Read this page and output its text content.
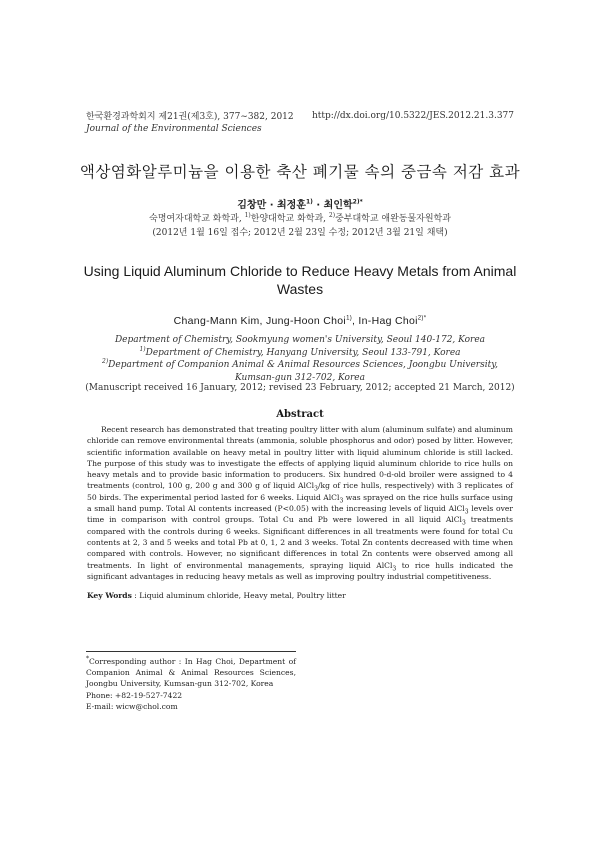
한국환경과학회지 제21권(제3호), 377∼382, 2012
Journal of the Environmental Sciences
http://dx.doi.org/10.5322/JES.2012.21.3.377
액상염화알루미늄을 이용한 축산 폐기물 속의 중금속 저감 효과
김창만 · 최정훈$^{1)}$ · 최인학$^{2)*}$
숙명여자대학교 화학과, $^{1)}$한양대학교 화학과, $^{2)}$중부대학교 애완동물자원학과
(2012년 1월 16일 접수; 2012년 2월 23일 수정; 2012년 3월 21일 채택)
Using Liquid Aluminum Chloride to Reduce Heavy Metals from Animal Wastes
Chang-Mann Kim, Jung-Hoon Choi$^{1)}$, In-Hag Choi$^{2)*}$

Department of Chemistry, Sookmyung women's University, Seoul 140-172, Korea

$^{1)}$Department of Chemistry, Hanyang University, Seoul 133-791, Korea

$^{2)}$Department of Companion Animal & Animal Resources Sciences, Joongbu University,

Kumsan-gun 312-702, Korea

(Manuscript received 16 January, 2012; revised 23 February, 2012; accepted 21 March, 2012)
Abstract
Recent research has demonstrated that treating poultry litter with alum (aluminum sulfate) and aluminum chloride can remove environmental threats (ammonia, soluble phosphorus and odor) posed by litter. However, scientific information available on heavy metal in poultry litter with liquid aluminum chloride is still lacked. The purpose of this study was to investigate the effects of applying liquid aluminum chloride to rice hulls on heavy metals and to provide basic information to producers. Six hundred 0-d-old broiler were assigned to 4 treatments (control, 100 g, 200 g and 300 g of liquid AlCl$_3$/kg of rice hulls, respectively) with 3 replicates of 50 birds. The experimental period lasted for 6 weeks. Liquid AlCl$_3$ was sprayed on the rice hulls surface using a small hand pump. Total Al contents increased (P<0.05) with the increasing levels of liquid AlCl$_3$ levels over time in comparison with control groups. Total Cu and Pb were lowered in all liquid AlCl$_3$ treatments compared with the controls during 6 weeks. Significant differences in all treatments were found for total Cu contents at 2, 3 and 5 weeks and total Pb at 0, 1, 2 and 3 weeks. Total Zn contents decreased with time when compared with controls. However, no significant differences in total Zn contents were observed among all treatments. In light of environmental managements, spraying liquid AlCl$_3$ to rice hulls indicated the significant advantages in reducing heavy metals as well as improving poultry industrial competitiveness.
Key Words : Liquid aluminum chloride, Heavy metal, Poultry litter

*Corresponding author : In Hag Choi, Department of Companion Animal & Animal Resources Sciences, Joongbu University, Kumsan-gun 312-702, Korea

Phone: +82-19-527-7422

E-mail: wicw@chol.com
